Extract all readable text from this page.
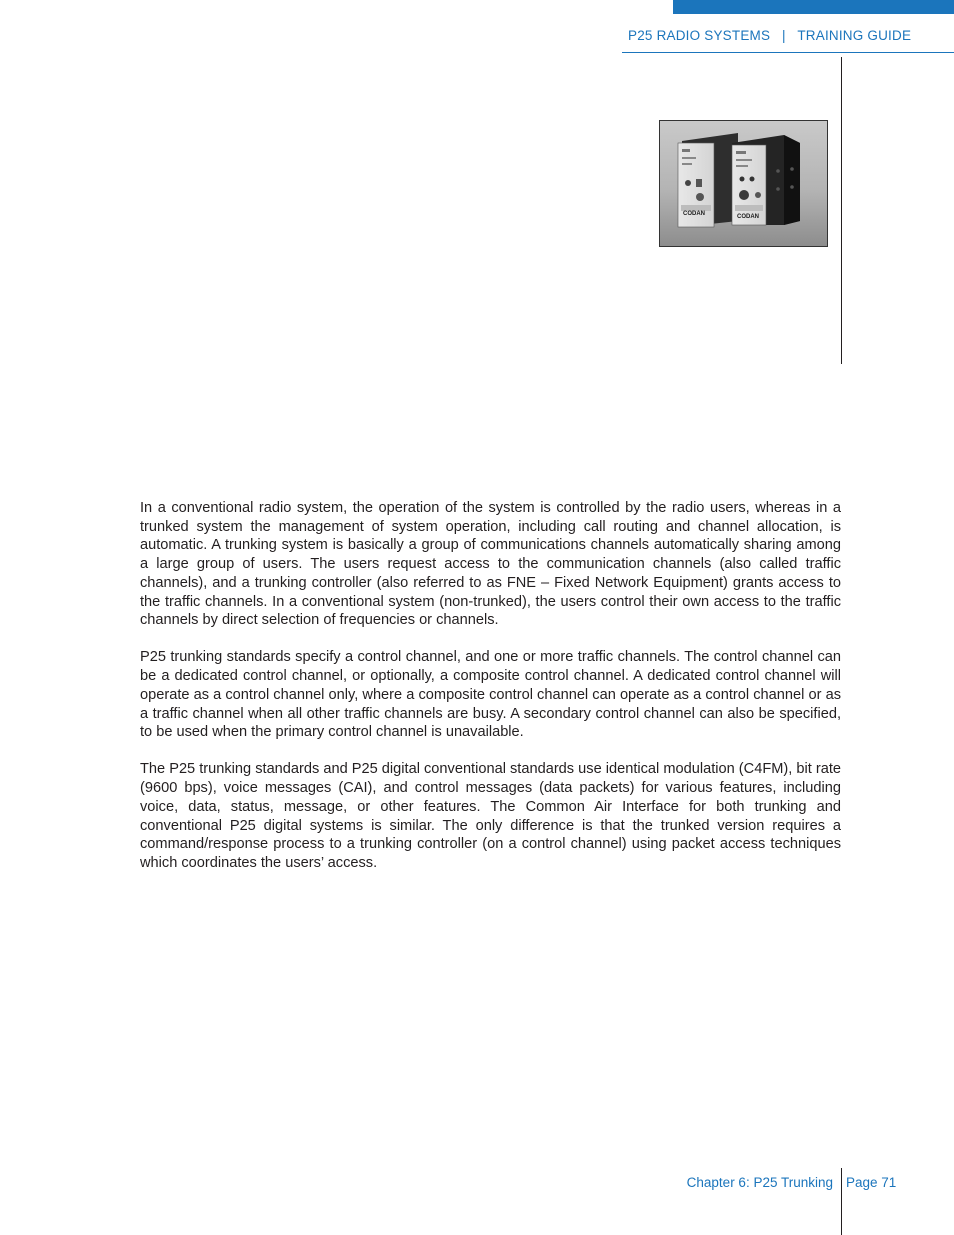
P25 RADIO SYSTEMS   |   TRAINING GUIDE
CODAN	CODAN

In a conventional radio system, the operation of the system is controlled by the radio users, whereas in a trunked system the management of system operation, including call routing and channel allocation, is automatic. A trunking system is basically a group of communications channels automatically sharing among a large group of users. The users request access to the communication channels (also called traffic channels), and a trunking controller (also referred to as FNE – Fixed Network Equipment) grants access to the traffic channels. In a conventional system (non-trunked), the users control their own access to the traffic channels by direct selection of frequencies or channels.

P25 trunking standards specify a control channel, and one or more traffic channels. The control channel can be a dedicated control channel, or optionally, a composite control channel. A dedicated control channel will operate as a control channel only, where a composite control channel can operate as a control channel or as a traffic channel when all other traffic channels are busy. A secondary control channel can also be specified, to be used when the primary control channel is unavailable.

The P25 trunking standards and P25 digital conventional standards use identical modulation (C4FM), bit rate (9600 bps), voice messages (CAI), and control messages (data packets) for various features, including voice, data, status, message, or other features. The Common Air Interface for both trunking and conventional P25 digital systems is similar. The only difference is that the trunked version requires a command/response process to a trunking controller (on a control channel) using packet access techniques which coordinates the users’ access.

Chapter 6: P25 Trunking Page 71
